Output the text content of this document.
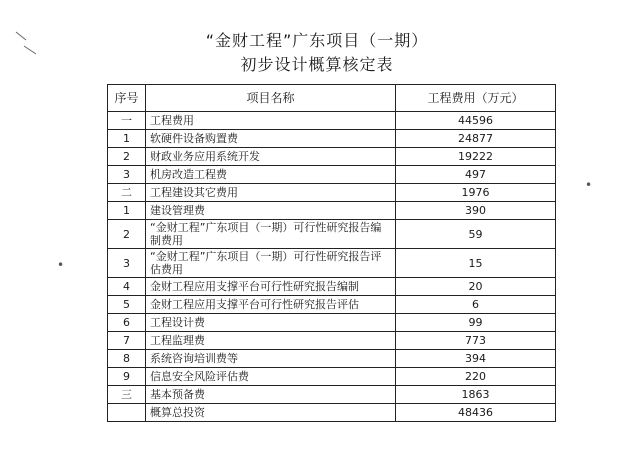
“金财工程”广东项目（一期）
初步设计概算核定表
序号	项目名称	工程费用（万元）
一	工程费用	44596
1	软硬件设备购置费	24877
2	财政业务应用系统开发	19222
3	机房改造工程费	497
二	工程建设其它费用	1976
1	建设管理费	390
2	“金财工程”广东项目（一期）可行性研究报告编制费用	59
3	“金财工程”广东项目（一期）可行性研究报告评估费用	15
4	金财工程应用支撑平台可行性研究报告编制	20
5	金财工程应用支撑平台可行性研究报告评估	6
6	工程设计费	99
7	工程监理费	773
8	系统咨询培训费等	394
9	信息安全风险评估费	220
三	基本预备费	1863
	概算总投资	48436
•
•
